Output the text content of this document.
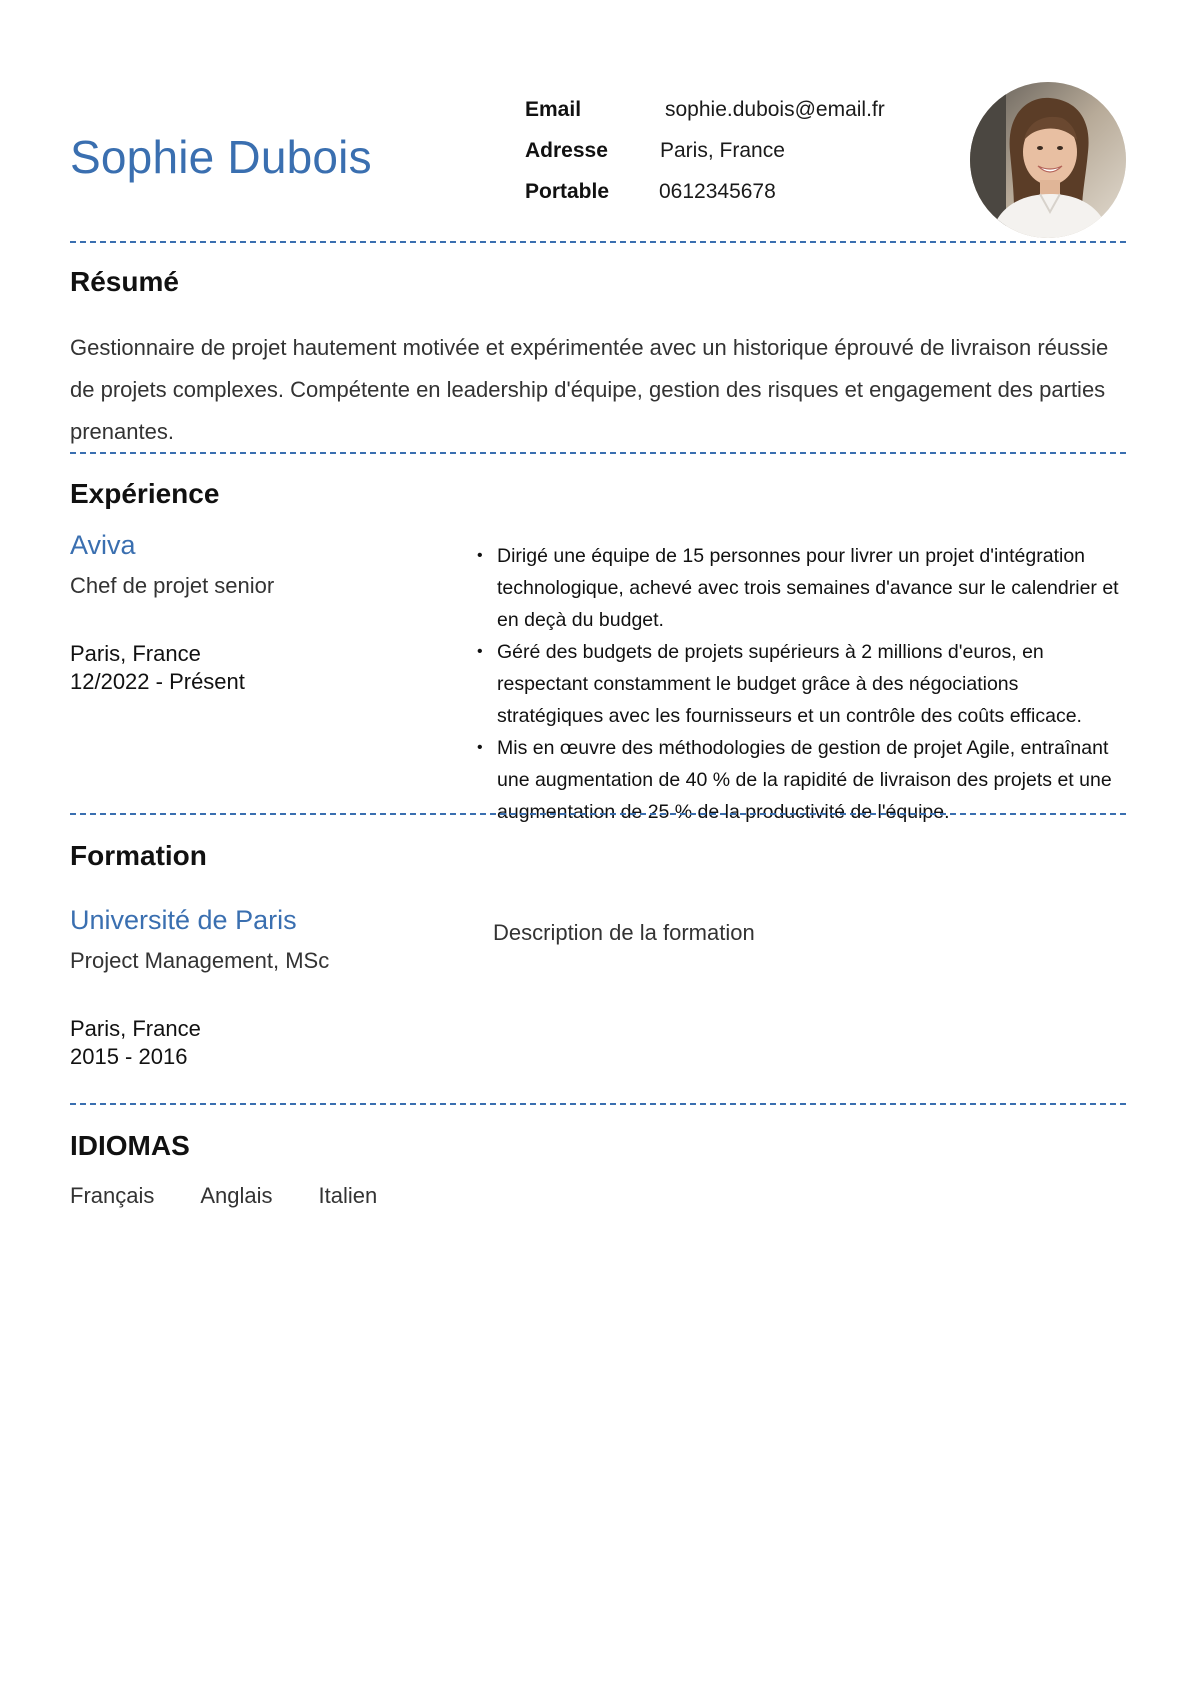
Sophie Dubois
Email	sophie.dubois@email.fr
Adresse Paris, France
Portable 0612345678
Résumé
Gestionnaire de projet hautement motivée et expérimentée avec un historique éprouvé de livraison réussie de projets complexes. Compétente en leadership d'équipe, gestion des risques et engagement des parties prenantes.
Expérience
Aviva
Chef de projet senior
Paris, France
12/2022 - Présent
• Dirigé une équipe de 15 personnes pour livrer un projet d'intégration technologique, achevé avec trois semaines d'avance sur le calendrier et en deçà du budget.
• Géré des budgets de projets supérieurs à 2 millions d'euros, en respectant constamment le budget grâce à des négociations stratégiques avec les fournisseurs et un contrôle des coûts efficace.
• Mis en œuvre des méthodologies de gestion de projet Agile, entraînant une augmentation de 40 % de la rapidité de livraison des projets et une augmentation de 25 % de la productivité de l'équipe.
Formation
Université de Paris
Project Management, MSc
Paris, France
2015 - 2016
Description de la formation
IDIOMAS
Français Anglais Italien
